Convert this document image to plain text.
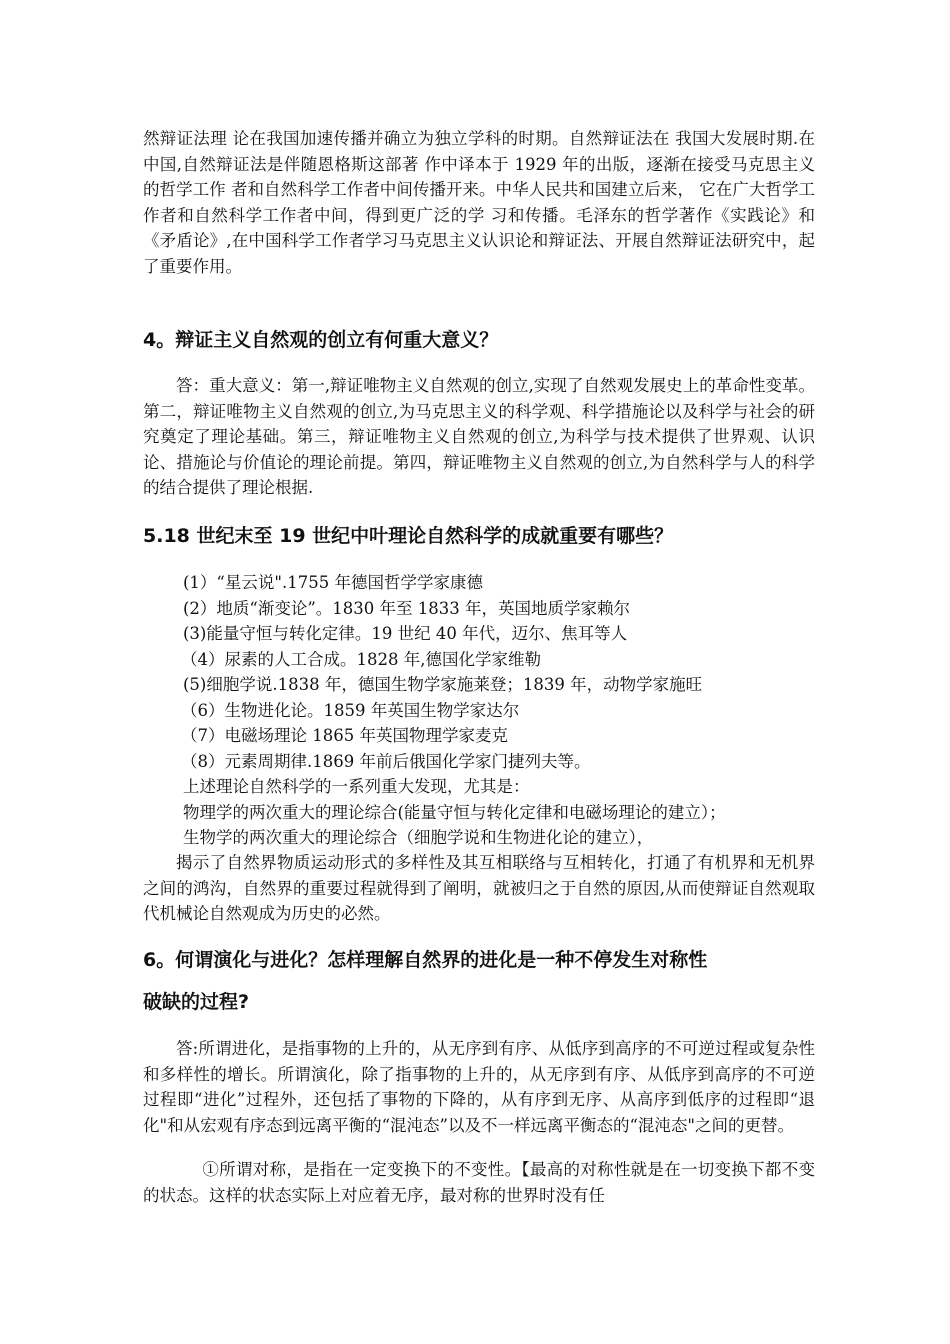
然辩证法理 论在我国加速传播并确立为独立学科的时期。自然辩证法在 我国大发展时期.在中国,自然辩证法是伴随恩格斯这部著 作中译本于 1929 年的出版，逐渐在接受马克思主义的哲学工作 者和自然科学工作者中间传播开来。中华人民共和国建立后来， 它在广大哲学工作者和自然科学工作者中间，得到更广泛的学 习和传播。毛泽东的哲学著作《实践论》和《矛盾论》,在中国科学工作者学习马克思主义认识论和辩证法、开展自然辩证法研究中，起了重要作用。

4。辩证主义自然观的创立有何重大意义？

答：重大意义：第一,辩证唯物主义自然观的创立,实现了自然观发展史上的革命性变革。第二，辩证唯物主义自然观的创立,为马克思主义的科学观、科学措施论以及科学与社会的研究奠定了理论基础。第三，辩证唯物主义自然观的创立,为科学与技术提供了世界观、认识论、措施论与价值论的理论前提。第四，辩证唯物主义自然观的创立,为自然科学与人的科学的结合提供了理论根据.

5.18 世纪末至 19 世纪中叶理论自然科学的成就重要有哪些？
(1）“星云说".1755 年德国哲学学家康德
(2）地质“渐变论”。1830 年至 1833 年，英国地质学家赖尔
(3)能量守恒与转化定律。19 世纪 40 年代，迈尔、焦耳等人
（4）尿素的人工合成。1828 年,德国化学家维勒
(5)细胞学说.1838 年，德国生物学家施莱登；1839 年，动物学家施旺
（6）生物进化论。1859 年英国生物学家达尔
（7）电磁场理论 1865 年英国物理学家麦克
（8）元素周期律.1869 年前后俄国化学家门捷列夫等。
上述理论自然科学的一系列重大发现，尤其是：
物理学的两次重大的理论综合(能量守恒与转化定律和电磁场理论的建立）；
生物学的两次重大的理论综合（细胞学说和生物进化论的建立），

揭示了自然界物质运动形式的多样性及其互相联络与互相转化，打通了有机界和无机界之间的鸿沟，自然界的重要过程就得到了阐明，就被归之于自然的原因,从而使辩证自然观取代机械论自然观成为历史的必然。

6。何谓演化与进化？怎样理解自然界的进化是一种不停发生对称性
破缺的过程?

答:所谓进化，是指事物的上升的，从无序到有序、从低序到高序的不可逆过程或复杂性和多样性的增长。所谓演化，除了指事物的上升的，从无序到有序、从低序到高序的不可逆过程即“进化”过程外，还包括了事物的下降的，从有序到无序、从高序到低序的过程即“退化"和从宏观有序态到远离平衡的“混沌态”以及不一样远离平衡态的“混沌态"之间的更替。

①所谓对称，是指在一定变换下的不变性。【最高的对称性就是在一切变换下都不变的状态。这样的状态实际上对应着无序，最对称的世界时没有任
